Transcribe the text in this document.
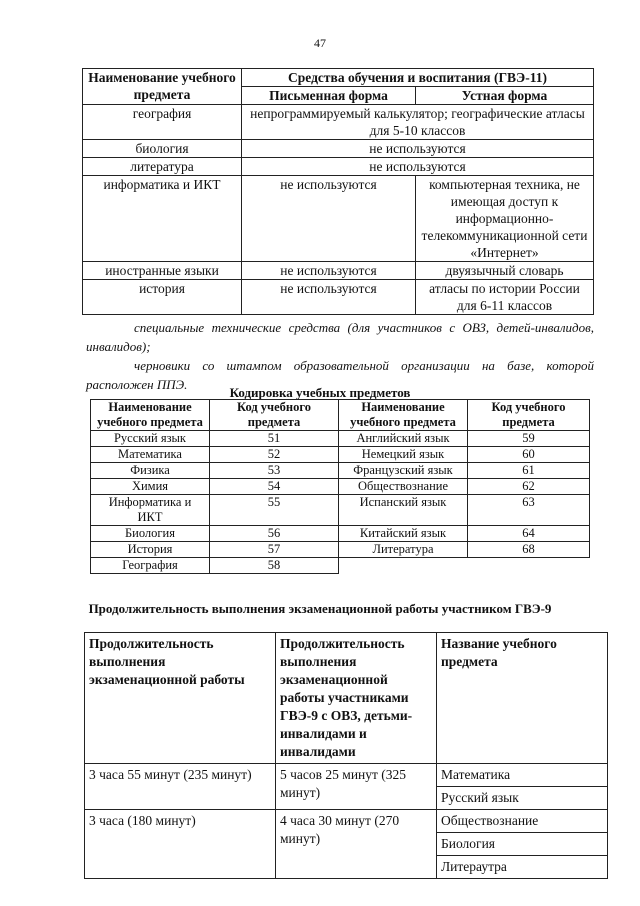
47
Наименование учебного предмета	Средства обучения и воспитания (ГВЭ-11)	
	Письменная форма	Устная форма
география	непрограммируемый калькулятор; географические атласы для 5-10 классов	
биология	не используются	
литература	не используются	
информатика и ИКТ	не используются	компьютерная техника, не имеющая доступ к информационно-телекоммуникационной сети «Интернет»
иностранные языки	не используются	двуязычный словарь
история	не используются	атласы по истории России для 6-11 классов
специальные технические средства (для участников с ОВЗ, детей-инвалидов, инвалидов);
черновики со штампом образовательной организации на базе, которой расположен ППЭ.
Кодировка учебных предметов
Наименование учебного предмета	Код учебного предмета	Наименование учебного предмета	Код учебного предмета
Русский язык	51	Английский язык	59
Математика	52	Немецкий язык	60
Физика	53	Французский язык	61
Химия	54	Обществознание	62
Информатика и ИКТ	55	Испанский язык	63
Биология	56	Китайский язык	64
История	57	Литература	68
География	58		
Продолжительность выполнения экзаменационной работы участником ГВЭ-9
Продолжительность выполнения экзаменационной работы	Продолжительность выполнения экзаменационной работы участниками ГВЭ-9 с ОВЗ, детьми-инвалидами и инвалидами	Название учебного предмета
3 часа 55 минут (235 минут)	5 часов 25 минут (325 минут)	Математика
		Русский язык
3 часа (180 минут)	4 часа 30 минут (270 минут)	Обществознание
		Биология
		Литераутра
